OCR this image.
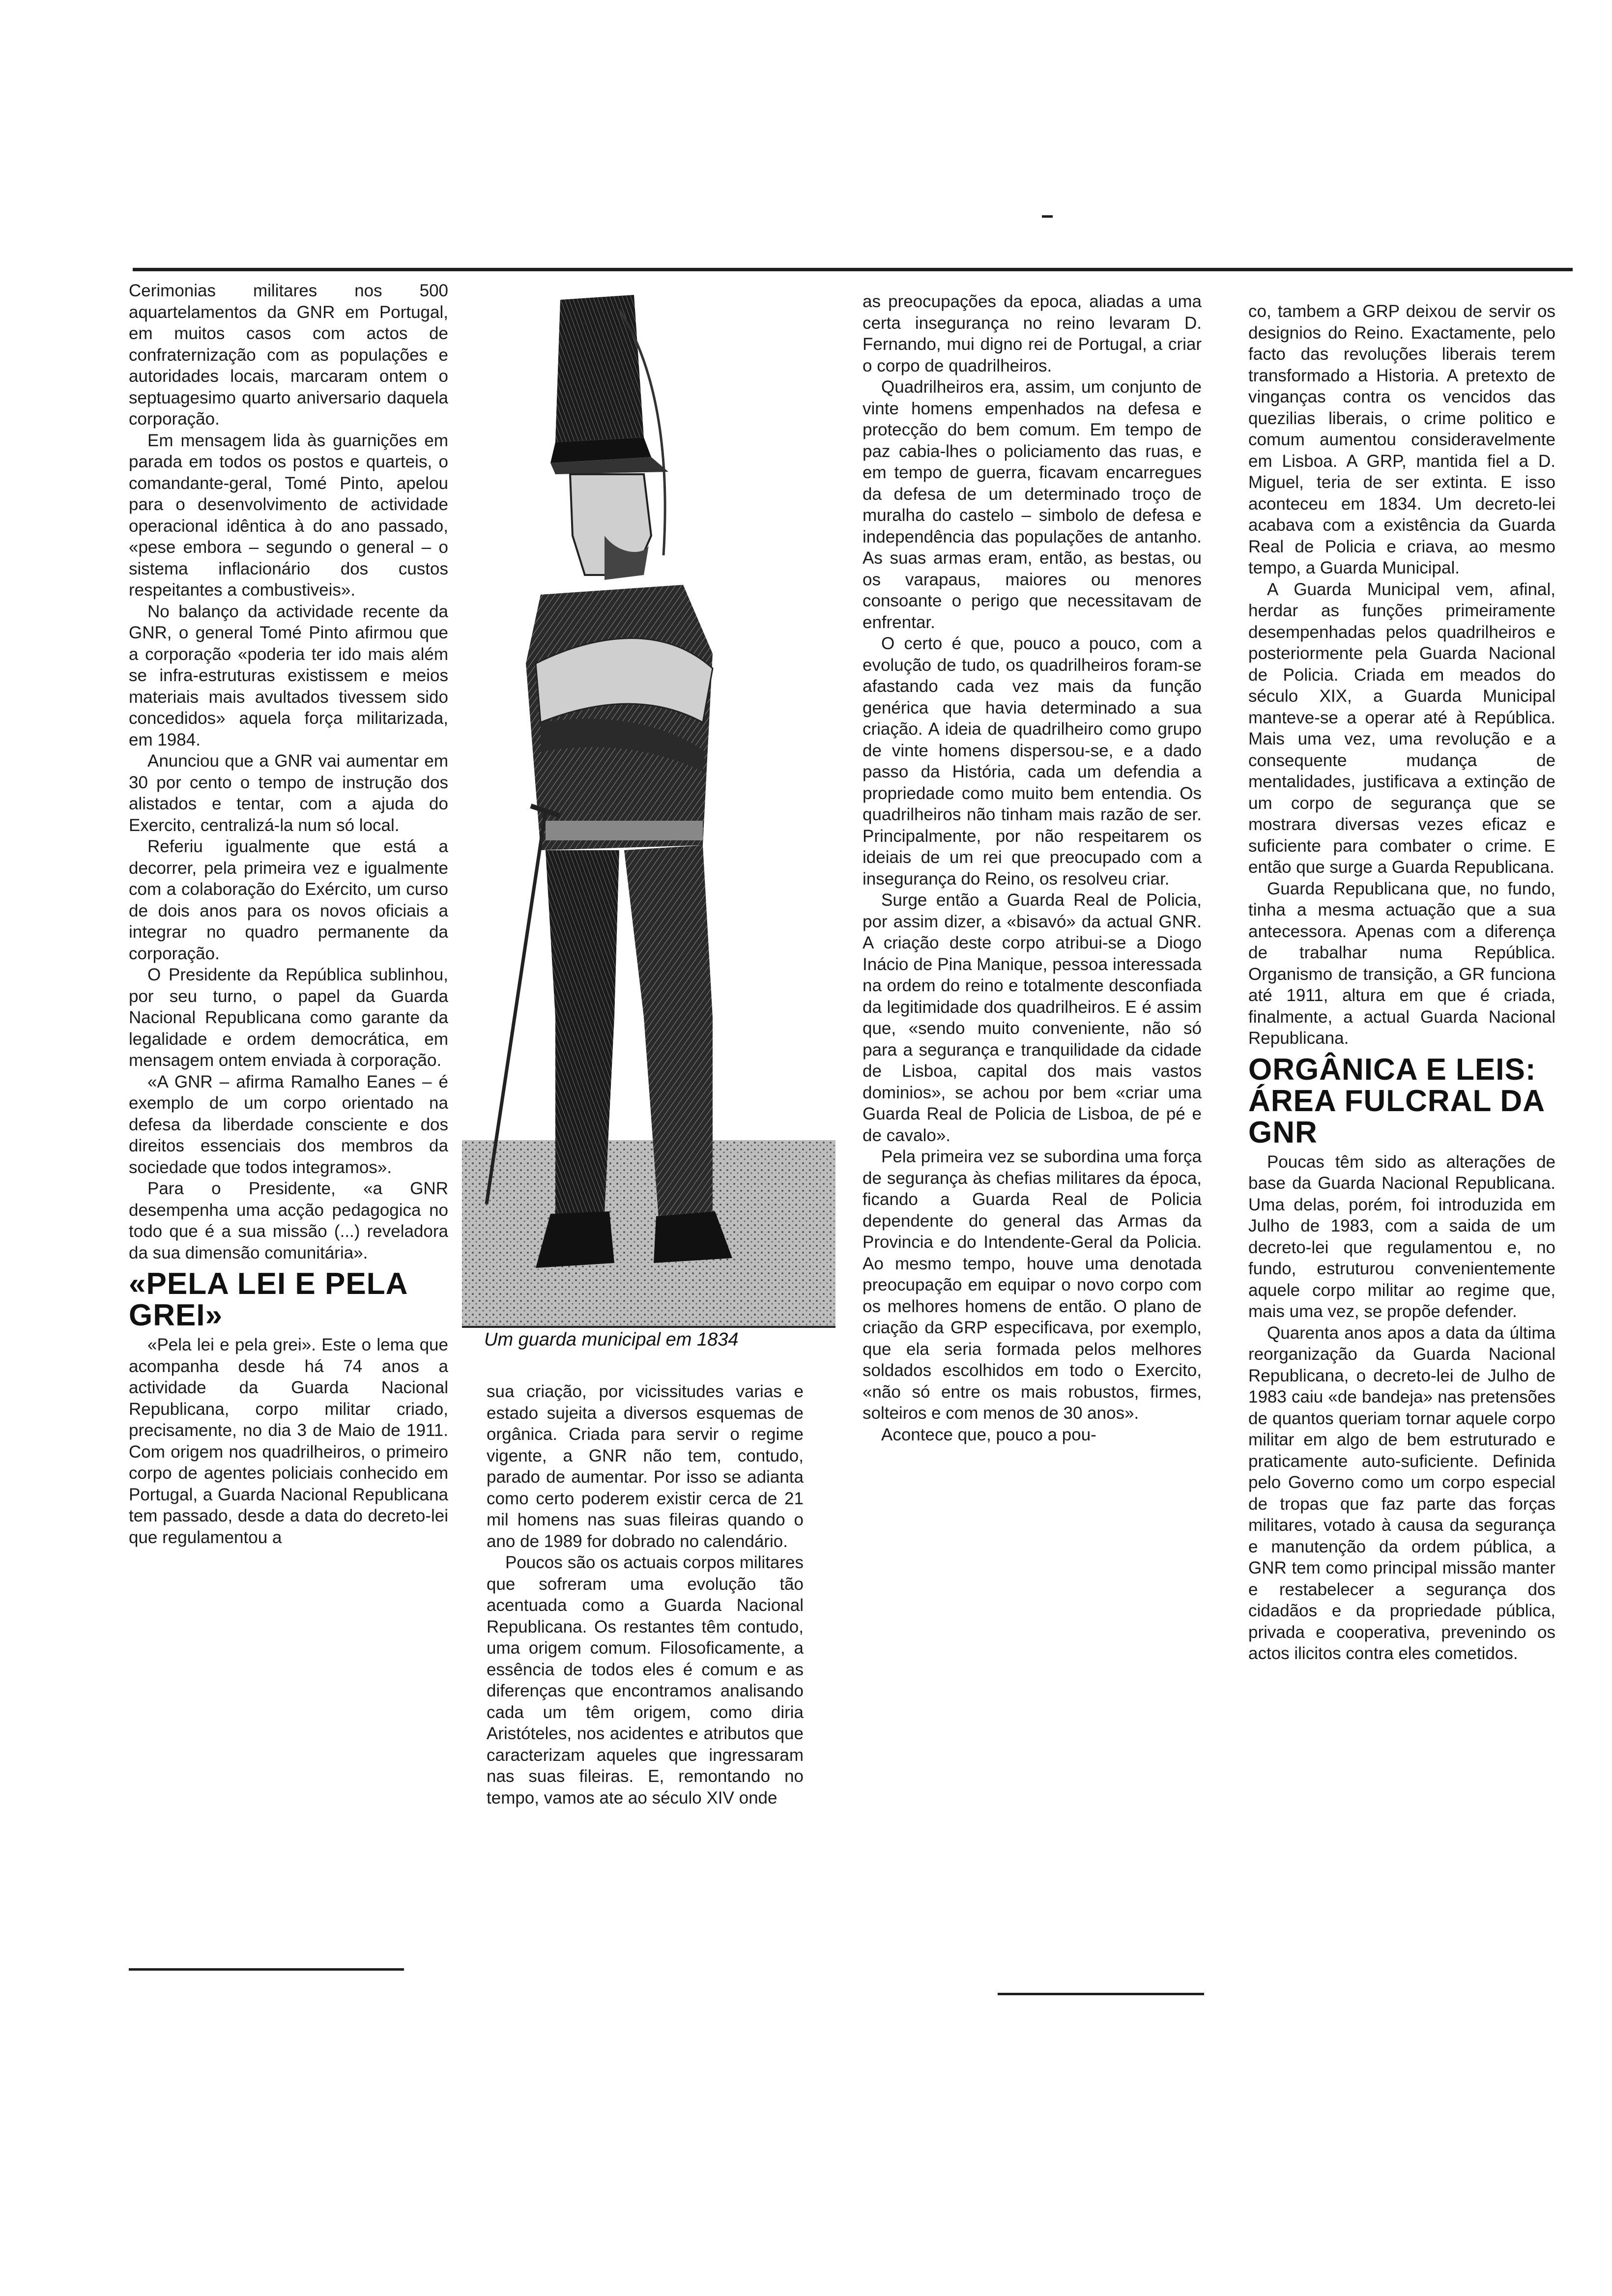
Cerimonias militares nos 500 aquartelamentos da GNR em Portugal, em muitos casos com actos de confraternização com as populações e autoridades locais, marcaram ontem o septuagesimo quarto aniversario daquela corporação.

Em mensagem lida às guarnições em parada em todos os postos e quarteis, o comandante-geral, Tomé Pinto, apelou para o desenvolvimento de actividade operacional idêntica à do ano passado, «pese embora – segundo o general – o sistema inflacionário dos custos respeitantes a combustiveis».

No balanço da actividade recente da GNR, o general Tomé Pinto afirmou que a corporação «poderia ter ido mais além se infra-estruturas existissem e meios materiais mais avultados tivessem sido concedidos» aquela força militarizada, em 1984.

Anunciou que a GNR vai aumentar em 30 por cento o tempo de instrução dos alistados e tentar, com a ajuda do Exercito, centralizá-la num só local.

Referiu igualmente que está a decorrer, pela primeira vez e igualmente com a colaboração do Exército, um curso de dois anos para os novos oficiais a integrar no quadro permanente da corporação.

O Presidente da República sublinhou, por seu turno, o papel da Guarda Nacional Republicana como garante da legalidade e ordem democrática, em mensagem ontem enviada à corporação.

«A GNR – afirma Ramalho Eanes – é exemplo de um corpo orientado na defesa da liberdade consciente e dos direitos essenciais dos membros da sociedade que todos integramos».

Para o Presidente, «a GNR desempenha uma acção pedagogica no todo que é a sua missão (...) reveladora da sua dimensão comunitária».

«PELA LEI E PELA GREI»

«Pela lei e pela grei». Este o lema que acompanha desde há 74 anos a actividade da Guarda Nacional Republicana, corpo militar criado, precisamente, no dia 3 de Maio de 1911. Com origem nos quadrilheiros, o primeiro corpo de agentes policiais conhecido em Portugal, a Guarda Nacional Republicana tem passado, desde a data do decreto-lei que regulamentou a

Um guarda municipal em 1834

sua criação, por vicissitudes varias e estado sujeita a diversos esquemas de orgânica. Criada para servir o regime vigente, a GNR não tem, contudo, parado de aumentar. Por isso se adianta como certo poderem existir cerca de 21 mil homens nas suas fileiras quando o ano de 1989 for dobrado no calendário.

Poucos são os actuais corpos militares que sofreram uma evolução tão acentuada como a Guarda Nacional Republicana. Os restantes têm contudo, uma origem comum. Filosoficamente, a essência de todos eles é comum e as diferenças que encontramos analisando cada um têm origem, como diria Aristóteles, nos acidentes e atributos que caracterizam aqueles que ingressaram nas suas fileiras. E, remontando no tempo, vamos ate ao século XIV onde

as preocupações da epoca, aliadas a uma certa insegurança no reino levaram D. Fernando, mui digno rei de Portugal, a criar o corpo de quadrilheiros.

Quadrilheiros era, assim, um conjunto de vinte homens empenhados na defesa e protecção do bem comum. Em tempo de paz cabia-lhes o policiamento das ruas, e em tempo de guerra, ficavam encarregues da defesa de um determinado troço de muralha do castelo – simbolo de defesa e independência das populações de antanho. As suas armas eram, então, as bestas, ou os varapaus, maiores ou menores consoante o perigo que necessitavam de enfrentar.

O certo é que, pouco a pouco, com a evolução de tudo, os quadrilheiros foram-se afastando cada vez mais da função genérica que havia determinado a sua criação. A ideia de quadrilheiro como grupo de vinte homens dispersou-se, e a dado passo da História, cada um defendia a propriedade como muito bem entendia. Os quadrilheiros não tinham mais razão de ser. Principalmente, por não respeitarem os ideiais de um rei que preocupado com a insegurança do Reino, os resolveu criar.

Surge então a Guarda Real de Policia, por assim dizer, a «bisavó» da actual GNR. A criação deste corpo atribui-se a Diogo Inácio de Pina Manique, pessoa interessada na ordem do reino e totalmente desconfiada da legitimidade dos quadrilheiros. E é assim que, «sendo muito conveniente, não só para a segurança e tranquilidade da cidade de Lisboa, capital dos mais vastos dominios», se achou por bem «criar uma Guarda Real de Policia de Lisboa, de pé e de cavalo».

Pela primeira vez se subordina uma força de segurança às chefias militares da época, ficando a Guarda Real de Policia dependente do general das Armas da Provincia e do Intendente-Geral da Policia. Ao mesmo tempo, houve uma denotada preocupação em equipar o novo corpo com os melhores homens de então. O plano de criação da GRP especificava, por exemplo, que ela seria formada pelos melhores soldados escolhidos em todo o Exercito, «não só entre os mais robustos, firmes, solteiros e com menos de 30 anos».

Acontece que, pouco a pou-

co, tambem a GRP deixou de servir os designios do Reino. Exactamente, pelo facto das revoluções liberais terem transformado a Historia. A pretexto de vinganças contra os vencidos das quezilias liberais, o crime politico e comum aumentou consideravelmente em Lisboa. A GRP, mantida fiel a D. Miguel, teria de ser extinta. E isso aconteceu em 1834. Um decreto-lei acabava com a existência da Guarda Real de Policia e criava, ao mesmo tempo, a Guarda Municipal.

A Guarda Municipal vem, afinal, herdar as funções primeiramente desempenhadas pelos quadrilheiros e posteriormente pela Guarda Nacional de Policia. Criada em meados do século XIX, a Guarda Municipal manteve-se a operar até à República. Mais uma vez, uma revolução e a consequente mudança de mentalidades, justificava a extinção de um corpo de segurança que se mostrara diversas vezes eficaz e suficiente para combater o crime. E então que surge a Guarda Republicana.

Guarda Republicana que, no fundo, tinha a mesma actuação que a sua antecessora. Apenas com a diferença de trabalhar numa República. Organismo de transição, a GR funciona até 1911, altura em que é criada, finalmente, a actual Guarda Nacional Republicana.

ORGÂNICA E LEIS: ÁREA FULCRAL DA GNR

Poucas têm sido as alterações de base da Guarda Nacional Republicana. Uma delas, porém, foi introduzida em Julho de 1983, com a saida de um decreto-lei que regulamentou e, no fundo, estruturou convenientemente aquele corpo militar ao regime que, mais uma vez, se propõe defender.

Quarenta anos apos a data da última reorganização da Guarda Nacional Republicana, o decreto-lei de Julho de 1983 caiu «de bandeja» nas pretensões de quantos queriam tornar aquele corpo militar em algo de bem estruturado e praticamente auto-suficiente. Definida pelo Governo como um corpo especial de tropas que faz parte das forças militares, votado à causa da segurança e manutenção da ordem pública, a GNR tem como principal missão manter e restabelecer a segurança dos cidadãos e da propriedade pública, privada e cooperativa, prevenindo os actos ilicitos contra eles cometidos.
